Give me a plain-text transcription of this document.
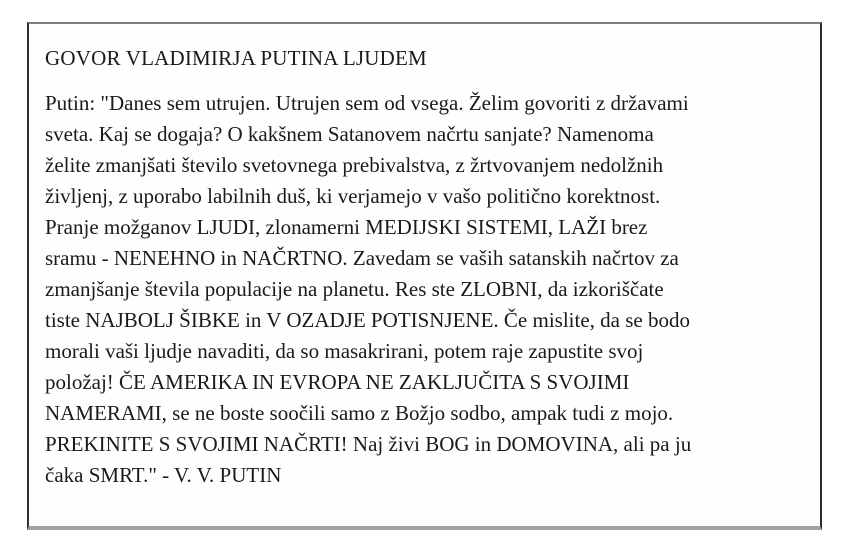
GOVOR VLADIMIRJA PUTINA LJUDEM
Putin: "Danes sem utrujen. Utrujen sem od vsega. Želim govoriti z državami
sveta. Kaj se dogaja? O kakšnem Satanovem načrtu sanjate? Namenoma
želite zmanjšati število svetovnega prebivalstva, z žrtvovanjem nedolžnih
življenj, z uporabo labilnih duš, ki verjamejo v vašo politično korektnost.
Pranje možganov LJUDI, zlonamerni MEDIJSKI SISTEMI, LAŽI brez
sramu - NENEHNO in NAČRTNO. Zavedam se vaših satanskih načrtov za
zmanjšanje števila populacije na planetu. Res ste ZLOBNI, da izkoriščate
tiste NAJBOLJ ŠIBKE in V OZADJE POTISNJENE. Če mislite, da se bodo
morali vaši ljudje navaditi, da so masakrirani, potem raje zapustite svoj
položaj! ČE AMERIKA IN EVROPA NE ZAKLJUČITA S SVOJIMI
NAMERAMI, se ne boste soočili samo z Božjo sodbo, ampak tudi z mojo.
PREKINITE S SVOJIMI NAČRTI! Naj živi BOG in DOMOVINA, ali pa ju
čaka SMRT." - V. V. PUTIN
